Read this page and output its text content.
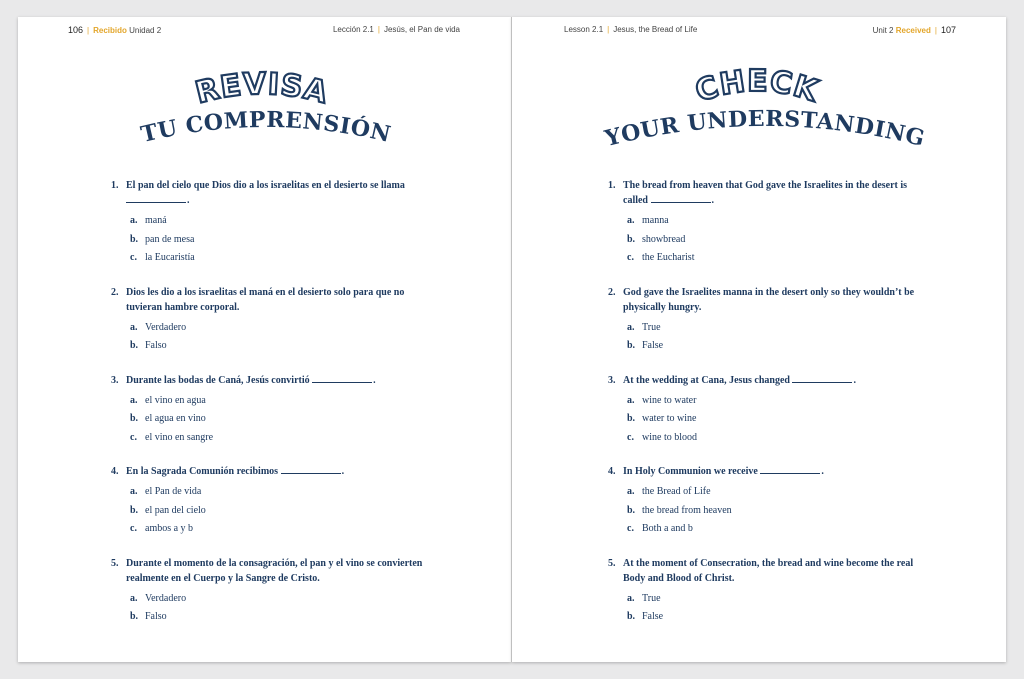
106 | Recibido Unidad 2	Lección 2.1 | Jesús, el Pan de vida	Lesson 2.1 | Jesus, the Bread of Life	Unit 2 Received | 107
REVISA
TU COMPRENSIÓN
CHECK
YOUR UNDERSTANDING
1. El pan del cielo que Dios dio a los israelitas en el desierto se llama .
a. maná
b. pan de mesa
c. la Eucaristía
2. Dios les dio a los israelitas el maná en el desierto solo para que no tuvieran hambre corporal.
a. Verdadero
b. Falso
3. Durante las bodas de Caná, Jesús convirtió	.
a. el vino en agua
b. el agua en vino
c. el vino en sangre
4. En la Sagrada Comunión recibimos	.
a. el Pan de vida
b. el pan del cielo
c. ambos a y b
5. Durante el momento de la consagración, el pan y el vino se convierten realmente en el Cuerpo y la Sangre de Cristo.
a. Verdadero
b. Falso
1. The bread from heaven that God gave the Israelites in the desert is called	.
a. manna
b. showbread
c. the Eucharist
2. God gave the Israelites manna in the desert only so they wouldn’t be physically hungry.
a. True
b. False
3. At the wedding at Cana, Jesus changed	.
a. wine to water
b. water to wine
c. wine to blood
4. In Holy Communion we receive	.
a. the Bread of Life
b. the bread from heaven
c. Both a and b
5. At the moment of Consecration, the bread and wine become the real Body and Blood of Christ.
a. True
b. False
